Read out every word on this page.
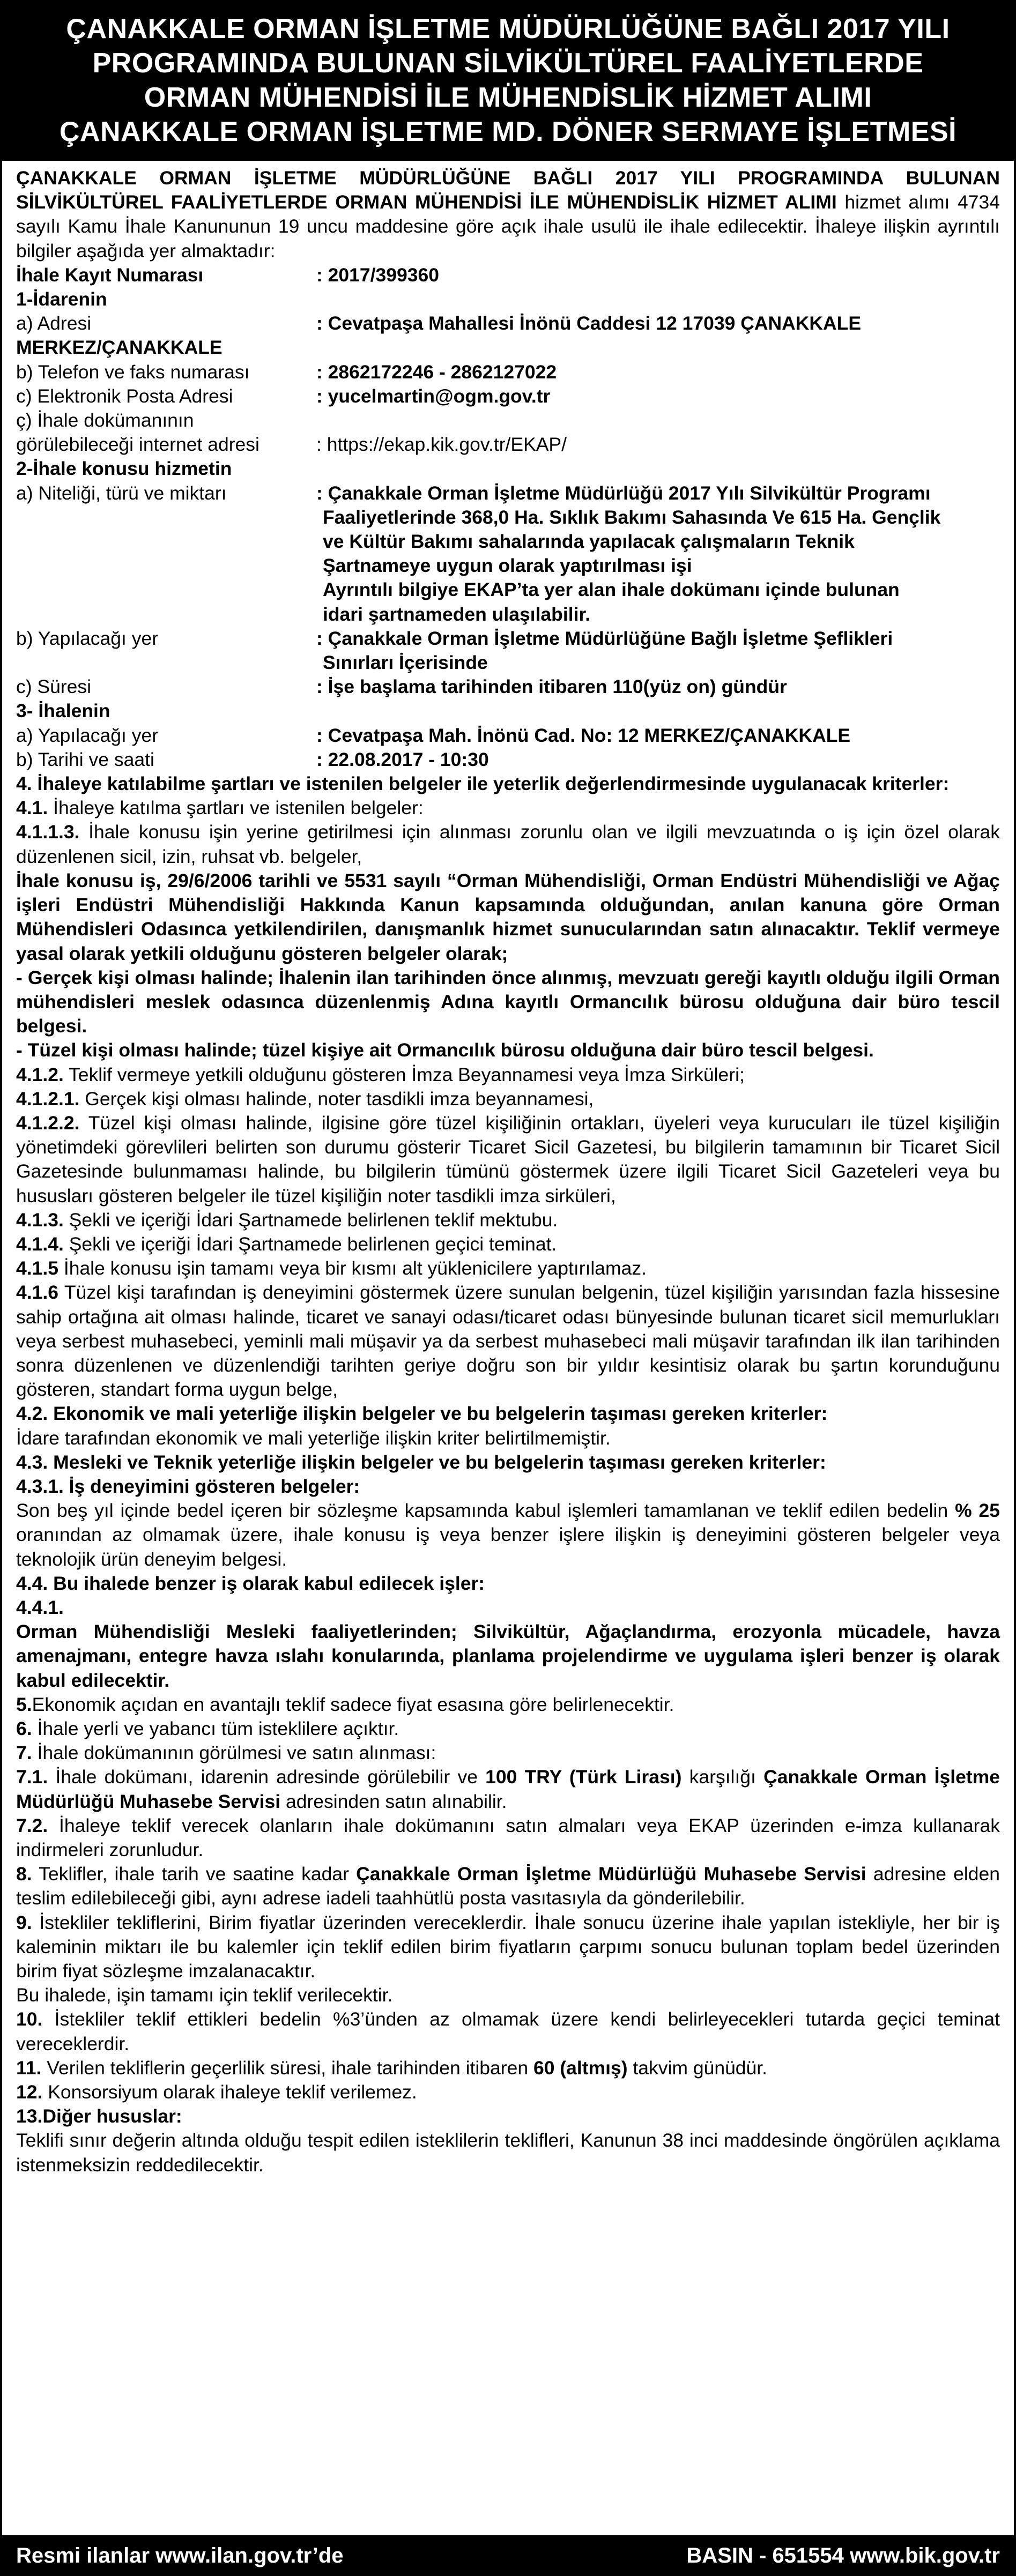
ÇANAKKALE ORMAN İŞLETME MÜDÜRLÜĞÜNE BAĞLI 2017 YILI
PROGRAMINDA BULUNAN SİLVİKÜLTÜREL FAALİYETLERDE
ORMAN MÜHENDİSİ İLE MÜHENDİSLİK HİZMET ALIMI
ÇANAKKALE ORMAN İŞLETME MD. DÖNER SERMAYE İŞLETMESİ

ÇANAKKALE ORMAN İŞLETME MÜDÜRLÜĞÜNE BAĞLI 2017 YILI PROGRAMINDA BULUNAN SİLVİKÜLTÜREL FAALİYETLERDE ORMAN MÜHENDİSİ İLE MÜHENDİSLİK HİZMET ALIMI hizmet alımı 4734 sayılı Kamu İhale Kanununun 19 uncu maddesine göre açık ihale usulü ile ihale edilecektir. İhaleye ilişkin ayrıntılı bilgiler aşağıda yer almaktadır:

İhale Kayıt Numarası	: 2017/399360

1-İdarenin

a) Adresi	: Cevatpaşa Mahallesi İnönü Caddesi 12 17039 ÇANAKKALE

MERKEZ/ÇANAKKALE

b) Telefon ve faks numarası	: 2862172246 - 2862127022
c) Elektronik Posta Adresi	: yucelmartin@ogm.gov.tr

ç) İhale dokümanının

görülebileceği internet adresi	: https://ekap.kik.gov.tr/EKAP/

2-İhale konusu hizmetin

a) Niteliği, türü ve miktarı	: Çanakkale Orman İşletme Müdürlüğü 2017 Yılı Silvikültür Programı
Faaliyetlerinde 368,0 Ha. Sıklık Bakımı Sahasında Ve 615 Ha. Gençlik
ve Kültür Bakımı sahalarında yapılacak çalışmaların Teknik
Şartnameye uygun olarak yaptırılması işi
Ayrıntılı bilgiye EKAP’ta yer alan ihale dokümanı içinde bulunan
idari şartnameden ulaşılabilir.
b) Yapılacağı yer	: Çanakkale Orman İşletme Müdürlüğüne Bağlı İşletme Şeflikleri
Sınırları İçerisinde
c) Süresi	: İşe başlama tarihinden itibaren 110(yüz on) gündür

3- İhalenin

a) Yapılacağı yer	: Cevatpaşa Mah. İnönü Cad. No: 12 MERKEZ/ÇANAKKALE
b) Tarihi ve saati	: 22.08.2017 - 10:30

4. İhaleye katılabilme şartları ve istenilen belgeler ile yeterlik değerlendirmesinde uygulanacak kriterler:

4.1. İhaleye katılma şartları ve istenilen belgeler:

4.1.1.3. İhale konusu işin yerine getirilmesi için alınması zorunlu olan ve ilgili mevzuatında o iş için özel olarak düzenlenen sicil, izin, ruhsat vb. belgeler,

İhale konusu iş, 29/6/2006 tarihli ve 5531 sayılı “Orman Mühendisliği, Orman Endüstri Mühendisliği ve Ağaç işleri Endüstri Mühendisliği Hakkında Kanun kapsamında olduğundan, anılan kanuna göre Orman Mühendisleri Odasınca yetkilendirilen, danışmanlık hizmet sunucularından satın alınacaktır. Teklif vermeye yasal olarak yetkili olduğunu gösteren belgeler olarak;

- Gerçek kişi olması halinde; İhalenin ilan tarihinden önce alınmış, mevzuatı gereği kayıtlı olduğu ilgili Orman mühendisleri meslek odasınca düzenlenmiş Adına kayıtlı Ormancılık bürosu olduğuna dair büro tescil belgesi.

- Tüzel kişi olması halinde; tüzel kişiye ait Ormancılık bürosu olduğuna dair büro tescil belgesi.

4.1.2. Teklif vermeye yetkili olduğunu gösteren İmza Beyannamesi veya İmza Sirküleri;

4.1.2.1. Gerçek kişi olması halinde, noter tasdikli imza beyannamesi,

4.1.2.2. Tüzel kişi olması halinde, ilgisine göre tüzel kişiliğinin ortakları, üyeleri veya kurucuları ile tüzel kişiliğin yönetimdeki görevlileri belirten son durumu gösterir Ticaret Sicil Gazetesi, bu bilgilerin tamamının bir Ticaret Sicil Gazetesinde bulunmaması halinde, bu bilgilerin tümünü göstermek üzere ilgili Ticaret Sicil Gazeteleri veya bu hususları gösteren belgeler ile tüzel kişiliğin noter tasdikli imza sirküleri,

4.1.3. Şekli ve içeriği İdari Şartnamede belirlenen teklif mektubu.

4.1.4. Şekli ve içeriği İdari Şartnamede belirlenen geçici teminat.

4.1.5 İhale konusu işin tamamı veya bir kısmı alt yüklenicilere yaptırılamaz.

4.1.6 Tüzel kişi tarafından iş deneyimini göstermek üzere sunulan belgenin, tüzel kişiliğin yarısından fazla hissesine sahip ortağına ait olması halinde, ticaret ve sanayi odası/ticaret odası bünyesinde bulunan ticaret sicil memurlukları veya serbest muhasebeci, yeminli mali müşavir ya da serbest muhasebeci mali müşavir tarafından ilk ilan tarihinden sonra düzenlenen ve düzenlendiği tarihten geriye doğru son bir yıldır kesintisiz olarak bu şartın korunduğunu gösteren, standart forma uygun belge,

4.2. Ekonomik ve mali yeterliğe ilişkin belgeler ve bu belgelerin taşıması gereken kriterler:

İdare tarafından ekonomik ve mali yeterliğe ilişkin kriter belirtilmemiştir.

4.3. Mesleki ve Teknik yeterliğe ilişkin belgeler ve bu belgelerin taşıması gereken kriterler:

4.3.1. İş deneyimini gösteren belgeler:

Son beş yıl içinde bedel içeren bir sözleşme kapsamında kabul işlemleri tamamlanan ve teklif edilen bedelin % 25 oranından az olmamak üzere, ihale konusu iş veya benzer işlere ilişkin iş deneyimini gösteren belgeler veya teknolojik ürün deneyim belgesi.

4.4. Bu ihalede benzer iş olarak kabul edilecek işler:

4.4.1.

Orman Mühendisliği Mesleki faaliyetlerinden; Silvikültür, Ağaçlandırma, erozyonla mücadele, havza amenajmanı, entegre havza ıslahı konularında, planlama projelendirme ve uygulama işleri benzer iş olarak kabul edilecektir.

5.Ekonomik açıdan en avantajlı teklif sadece fiyat esasına göre belirlenecektir.

6. İhale yerli ve yabancı tüm isteklilere açıktır.

7. İhale dokümanının görülmesi ve satın alınması:

7.1. İhale dokümanı, idarenin adresinde görülebilir ve 100 TRY (Türk Lirası) karşılığı Çanakkale Orman İşletme Müdürlüğü Muhasebe Servisi adresinden satın alınabilir.

7.2. İhaleye teklif verecek olanların ihale dokümanını satın almaları veya EKAP üzerinden e-imza kullanarak indirmeleri zorunludur.

8. Teklifler, ihale tarih ve saatine kadar Çanakkale Orman İşletme Müdürlüğü Muhasebe Servisi adresine elden teslim edilebileceği gibi, aynı adrese iadeli taahhütlü posta vasıtasıyla da gönderilebilir.

9. İstekliler tekliflerini, Birim fiyatlar üzerinden vereceklerdir. İhale sonucu üzerine ihale yapılan istekliyle, her bir iş kaleminin miktarı ile bu kalemler için teklif edilen birim fiyatların çarpımı sonucu bulunan toplam bedel üzerinden birim fiyat sözleşme imzalanacaktır.

Bu ihalede, işin tamamı için teklif verilecektir.

10. İstekliler teklif ettikleri bedelin %3’ünden az olmamak üzere kendi belirleyecekleri tutarda geçici teminat vereceklerdir.

11. Verilen tekliflerin geçerlilik süresi, ihale tarihinden itibaren 60 (altmış) takvim günüdür.

12. Konsorsiyum olarak ihaleye teklif verilemez.

13.Diğer hususlar:

Teklifi sınır değerin altında olduğu tespit edilen isteklilerin teklifleri, Kanunun 38 inci maddesinde öngörülen açıklama istenmeksizin reddedilecektir.

Resmi ilanlar www.ilan.gov.tr’de	BASIN - 651554 www.bik.gov.tr
